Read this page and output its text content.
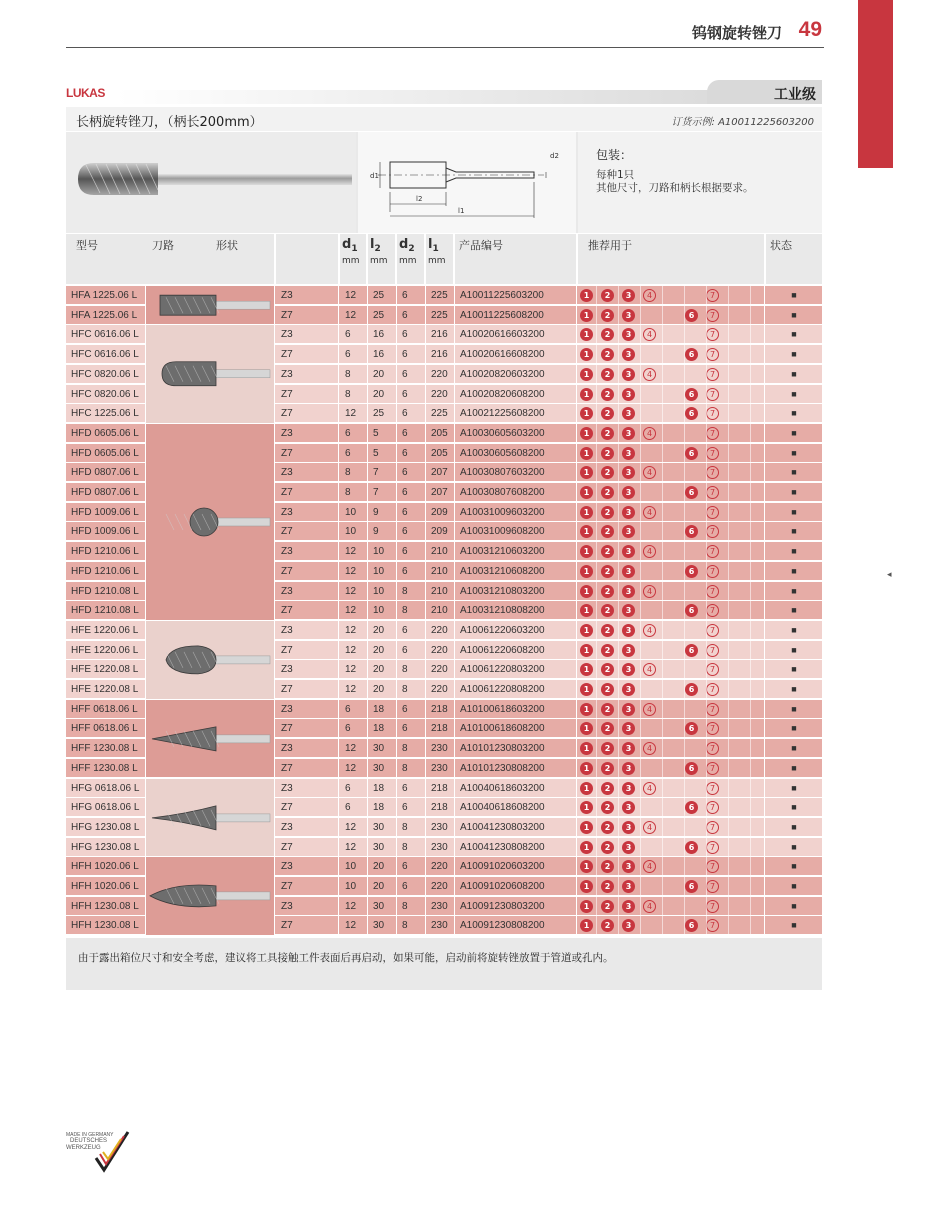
钨钢旋转锉刀 49
◂
LUKAS	工业级
长柄旋转锉刀，（柄长200mm）	订货示例: A10011225603200
l2
l1
d1
d2	包装：
每种1只
其他尺寸，刀路和柄长根据要求。
型号	刀路	形状	$d_1$
mm
$l_2$
mm
$d_2$
mm
$l_1$
mm
产品编号	推荐用于	状态
HFA 1225.06 L	Z3	12	25	6	225	A10011225603200	1	2	3	4	7	■
HFA 1225.06 L	Z7	12	25	6	225	A10011225608200	1	2	3	6	7	■
HFC 0616.06 L	Z3	6	16	6	216	A10020616603200	1	2	3	4	7	■
HFC 0616.06 L	Z7	6	16	6	216	A10020616608200	1	2	3	6	7	■
HFC 0820.06 L	Z3	8	20	6	220	A10020820603200	1	2	3	4	7	■
HFC 0820.06 L	Z7	8	20	6	220	A10020820608200	1	2	3	6	7	■
HFC 1225.06 L	Z7	12	25	6	225	A10021225608200	1	2	3	6	7	■
HFD 0605.06 L	Z3	6	5	6	205	A10030605603200	1	2	3	4	7	■
HFD 0605.06 L	Z7	6	5	6	205	A10030605608200	1	2	3	6	7	■
HFD 0807.06 L	Z3	8	7	6	207	A10030807603200	1	2	3	4	7	■
HFD 0807.06 L	Z7	8	7	6	207	A10030807608200	1	2	3	6	7	■
HFD 1009.06 L	Z3	10	9	6	209	A10031009603200	1	2	3	4	7	■
HFD 1009.06 L	Z7	10	9	6	209	A10031009608200	1	2	3	6	7	■
HFD 1210.06 L	Z3	12	10	6	210	A10031210603200	1	2	3	4	7	■
HFD 1210.06 L	Z7	12	10	6	210	A10031210608200	1	2	3	6	7	■
HFD 1210.08 L	Z3	12	10	8	210	A10031210803200	1	2	3	4	7	■
HFD 1210.08 L	Z7	12	10	8	210	A10031210808200	1	2	3	6	7	■
HFE 1220.06 L	Z3	12	20	6	220	A10061220603200	1	2	3	4	7	■
HFE 1220.06 L	Z7	12	20	6	220	A10061220608200	1	2	3	6	7	■
HFE 1220.08 L	Z3	12	20	8	220	A10061220803200	1	2	3	4	7	■
HFE 1220.08 L	Z7	12	20	8	220	A10061220808200	1	2	3	6	7	■
HFF 0618.06 L	Z3	6	18	6	218	A10100618603200	1	2	3	4	7	■
HFF 0618.06 L	Z7	6	18	6	218	A10100618608200	1	2	3	6	7	■
HFF 1230.08 L	Z3	12	30	8	230	A10101230803200	1	2	3	4	7	■
HFF 1230.08 L	Z7	12	30	8	230	A10101230808200	1	2	3	6	7	■
HFG 0618.06 L	Z3	6	18	6	218	A10040618603200	1	2	3	4	7	■
HFG 0618.06 L	Z7	6	18	6	218	A10040618608200	1	2	3	6	7	■
HFG 1230.08 L	Z3	12	30	8	230	A10041230803200	1	2	3	4	7	■
HFG 1230.08 L	Z7	12	30	8	230	A10041230808200	1	2	3	6	7	■
HFH 1020.06 L	Z3	10	20	6	220	A10091020603200	1	2	3	4	7	■
HFH 1020.06 L	Z7	10	20	6	220	A10091020608200	1	2	3	6	7	■
HFH 1230.08 L	Z3	12	30	8	230	A10091230803200	1	2	3	4	7	■
HFH 1230.08 L	Z7	12	30	8	230	A10091230808200	1	2	3	6	7	■
由于露出箱位尺寸和安全考虑，建议将工具接触工件表面后再启动，如果可能，启动前将旋转锉放置于管道或孔内。
MADE IN GERMANY
DEUTSCHES
WERKZEUG
